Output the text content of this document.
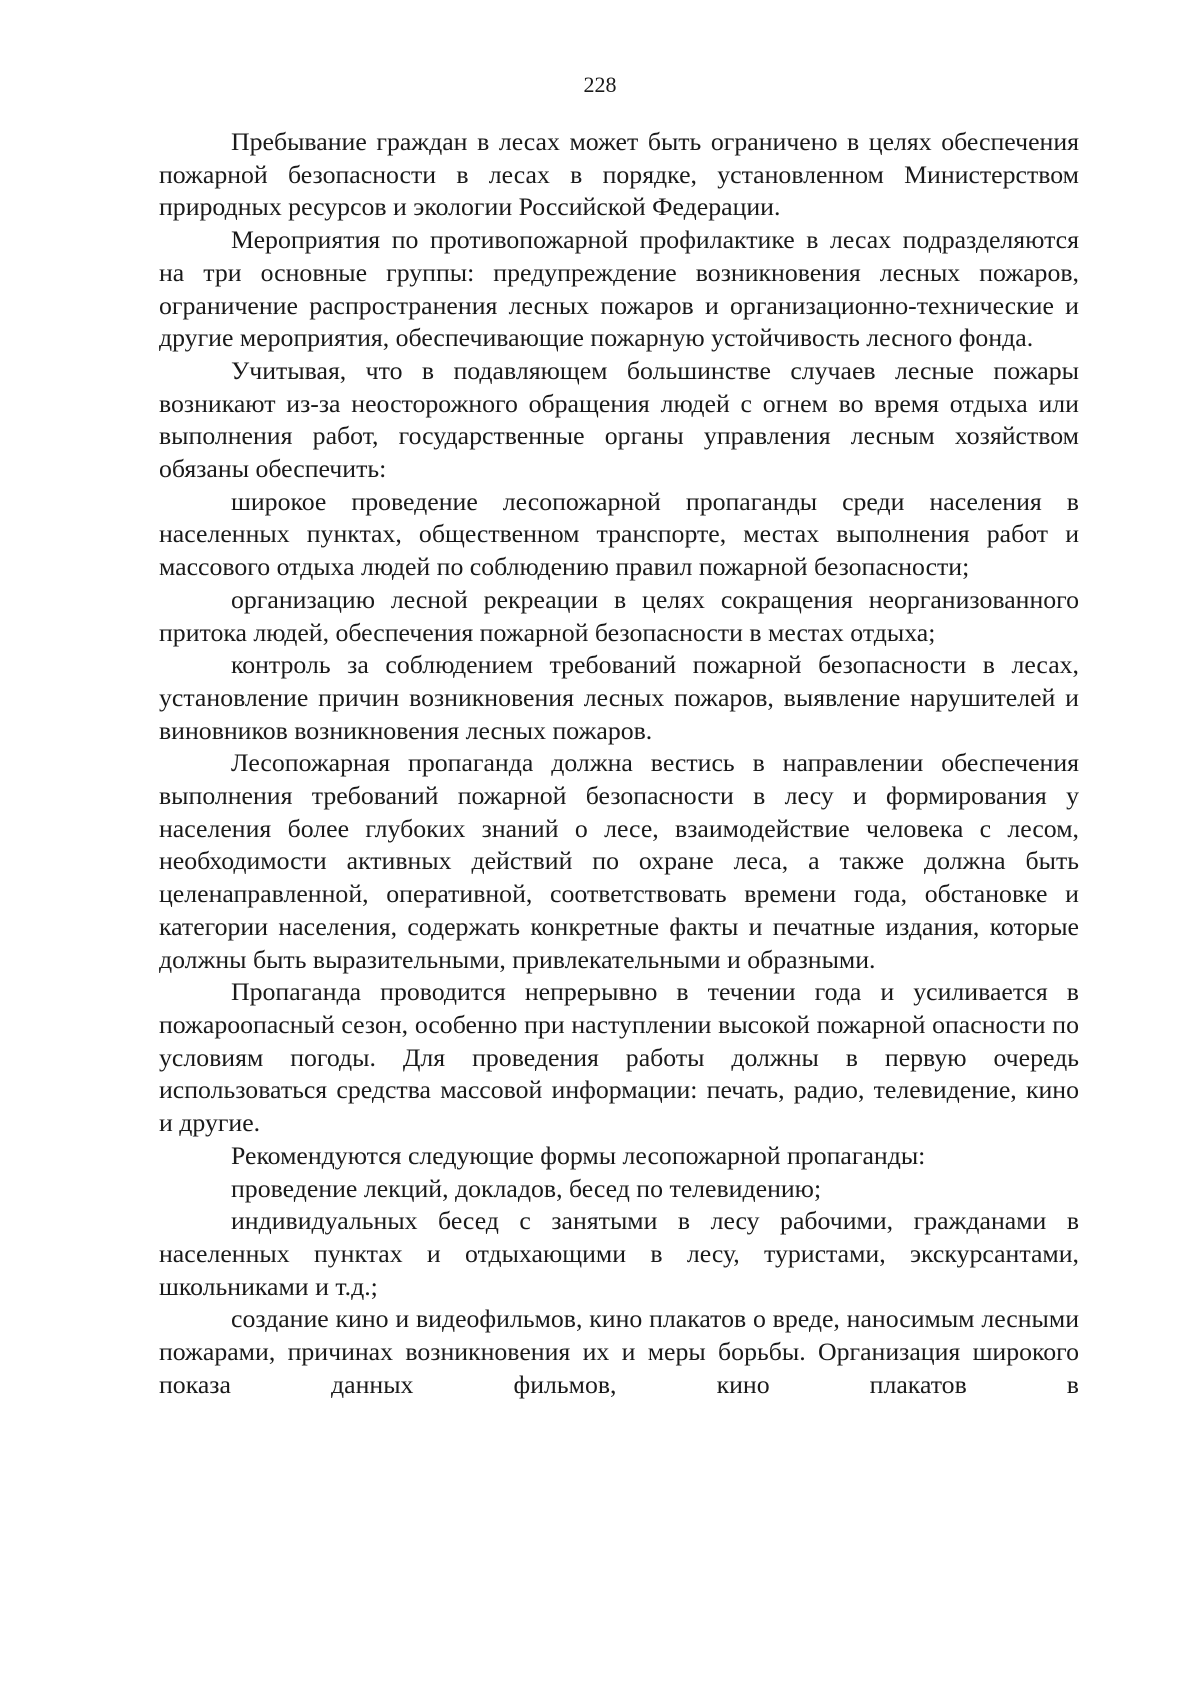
228

Пребывание граждан в лесах может быть ограничено в целях обеспечения пожарной безопасности в лесах в порядке, установленном Министерством природных ресурсов и экологии Российской Федерации.

Мероприятия по противопожарной профилактике в лесах подразделяются на три основные группы: предупреждение возникновения лесных пожаров, ограничение распространения лесных пожаров и организационно-технические и другие мероприятия, обеспечивающие пожарную устойчивость лесного фонда.

Учитывая, что в подавляющем большинстве случаев лесные пожары возникают из-за неосторожного обращения людей с огнем во время отдыха или выполнения работ, государственные органы управления лесным хозяйством обязаны обеспечить:

широкое проведение лесопожарной пропаганды среди населения в населенных пунктах, общественном транспорте, местах выполнения работ и массового отдыха людей по соблюдению правил пожарной безопасности;

организацию лесной рекреации в целях сокращения неорганизованного притока людей, обеспечения пожарной безопасности в местах отдыха;

контроль за соблюдением требований пожарной безопасности в лесах, установление причин возникновения лесных пожаров, выявление нарушителей и виновников возникновения лесных пожаров.

Лесопожарная пропаганда должна вестись в направлении обеспечения выполнения требований пожарной безопасности в лесу и формирования у населения более глубоких знаний о лесе, взаимодействие человека с лесом, необходимости активных действий по охране леса, а также должна быть целенаправленной, оперативной, соответствовать времени года, обстановке и категории населения, содержать конкретные факты и печатные издания, которые должны быть выразительными, привлекательными и образными.

Пропаганда проводится непрерывно в течении года и усиливается в пожароопасный сезон, особенно при наступлении высокой пожарной опасности по условиям погоды. Для проведения работы должны в первую очередь использоваться средства массовой информации: печать, радио, телевидение, кино и другие.

Рекомендуются следующие формы лесопожарной пропаганды:

проведение лекций, докладов, бесед по телевидению;

индивидуальных бесед с занятыми в лесу рабочими, гражданами в населенных пунктах и отдыхающими в лесу, туристами, экскурсантами, школьниками и т.д.;

создание кино и видеофильмов, кино плакатов о вреде, наносимым лесными пожарами, причинах возникновения их и меры борьбы. Организация широкого показа данных фильмов, кино плакатов в
